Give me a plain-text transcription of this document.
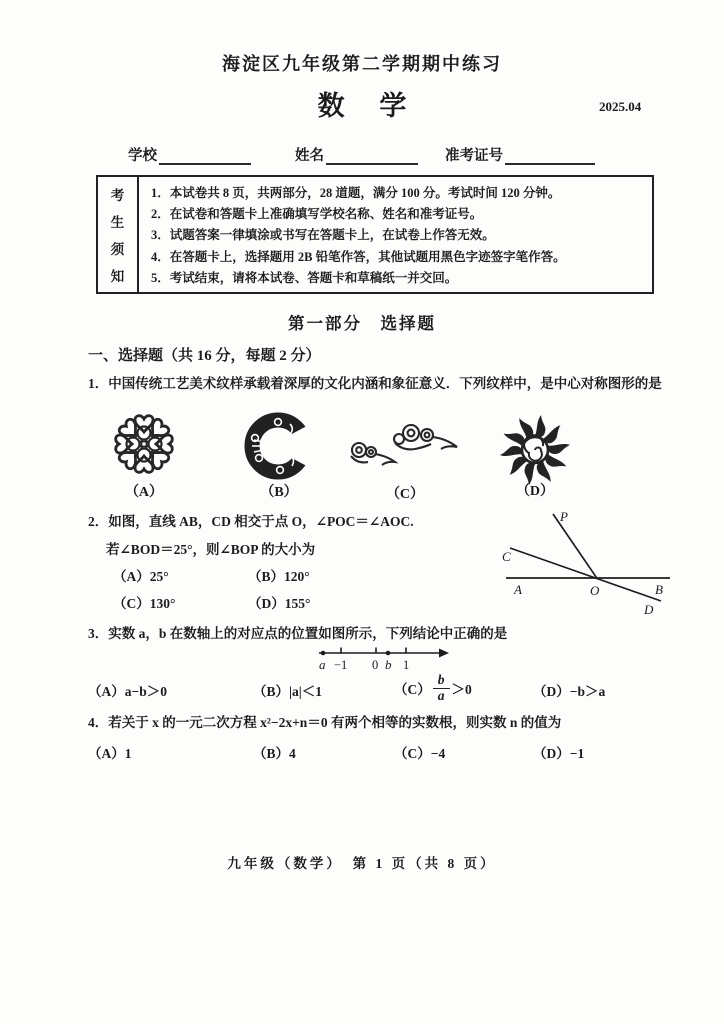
海淀区九年级第二学期期中练习
数 学	2025.04
学校	姓名	准考证号
考
生
须
知
1．本试卷共 8 页，共两部分，28 道题，满分 100 分。考试时间 120 分钟。
2．在试卷和答题卡上准确填写学校名称、姓名和准考证号。
3．试题答案一律填涂或书写在答题卡上，在试卷上作答无效。
4．在答题卡上，选择题用 2B 铅笔作答，其他试题用黑色字迹签字笔作答。
5．考试结束，请将本试卷、答题卡和草稿纸一并交回。
第一部分　选择题
一、选择题（共 16 分，每题 2 分）
1．中国传统工艺美术纹样承载着深厚的文化内涵和象征意义．下列纹样中，是中心对称图形的是
（A）	（B）	（C）	（D）
2．如图，直线 AB，CD 相交于点 O，∠POC＝∠AOC.
若∠BOD＝25°，则∠BOP 的大小为
（A）25°	（B）120°
（C）130°	（D）155°
P
C
A	O	B
D
3．实数 a，b 在数轴上的对应点的位置如图所示，下列结论中正确的是
a −1 0 b 1
（A）a−b＞0	（B）|a|＜1	$(C) \frac{b}{a} >0$	（D）−b＞a
4．若关于 x 的一元二次方程 x²−2x+n＝0 有两个相等的实数根，则实数 n 的值为
（A）1	（B）4	（C）−4	（D）−1
九年级（数学）　第 1 页（共 8 页）
